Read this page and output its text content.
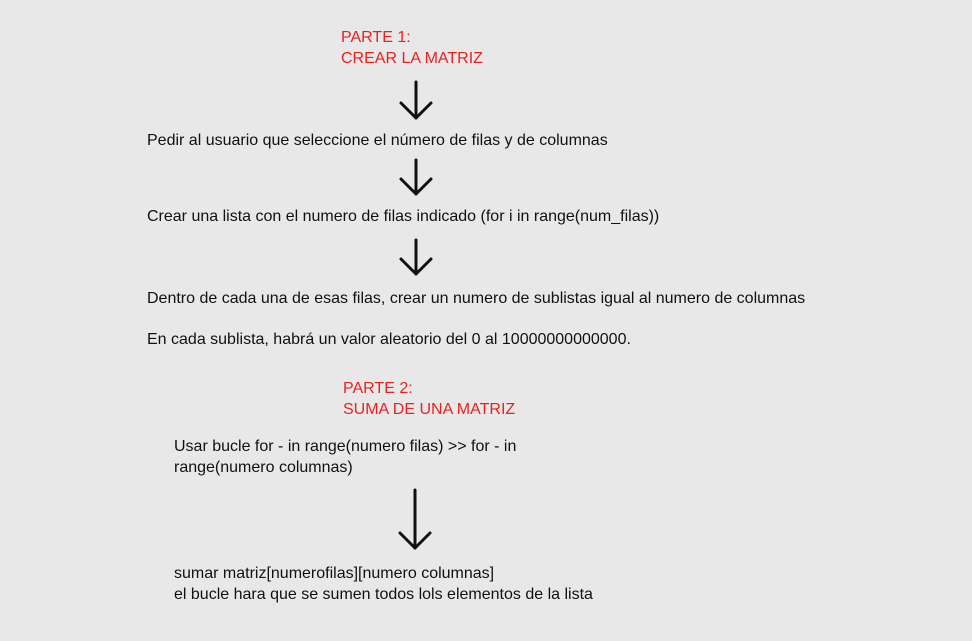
PARTE 1:
CREAR LA MATRIZ
Pedir al usuario que seleccione el número de filas y de columnas
Crear una lista con el numero de filas indicado (for i in range(num_filas))
Dentro de cada una de esas filas, crear un numero de sublistas igual al numero de columnas
En cada sublista, habrá un valor aleatorio del 0 al 10000000000000.
PARTE 2:
SUMA DE UNA MATRIZ
Usar bucle for - in range(numero filas) >> for - in
range(numero columnas)
sumar matriz[numerofilas][numero columnas]
el bucle hara que se sumen todos lols elementos de la lista
